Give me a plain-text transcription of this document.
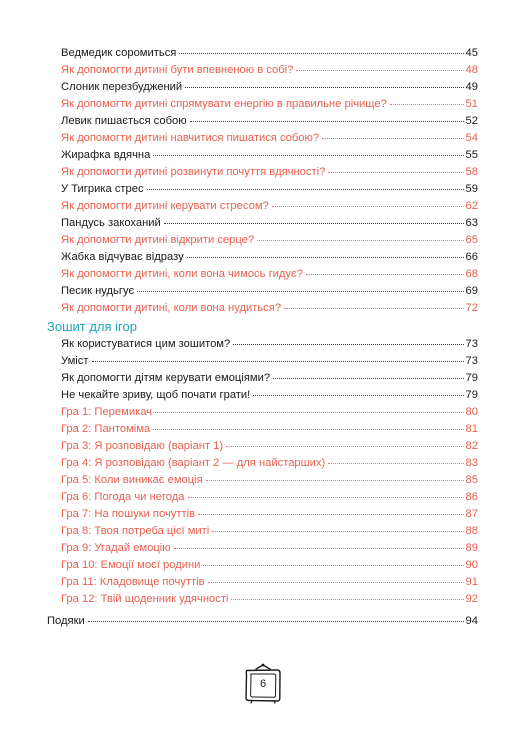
Ведмедик соромиться	45
Як допомогти дитині бути впевненою в собі?	48
Слоник перезбуджений	49
Як допомогти дитині спрямувати енергію в правильне річище?	51
Левик пишається собою	52
Як допомогти дитині навчитися пишатися собою?	54
Жирафка вдячна	55
Як допомогти дитині розвинути почуття вдячності?	58
У Тигрика стрес	59
Як допомогти дитині керувати стресом?	62
Пандусь закоханий	63
Як допомогти дитині відкрити серце?	65
Жабка відчуває відразу	66
Як допомогти дитині, коли вона чимось гидує?	68
Песик нудьгує	69
Як допомогти дитині, коли вона нудиться?	72
Зошит для ігор
Як користуватися цим зошитом?	73
Уміст	73
Як допомогти дітям керувати емоціями?	79
Не чекайте зриву, щоб почати грати!	79
Гра 1: Перемикач	80
Гра 2: Пантоміма	81
Гра 3: Я розповідаю (варіант 1)	82
Гра 4: Я розповідаю (варіант 2 — для найстарших)	83
Гра 5: Коли виникає емоція	85
Гра 6: Погода чи негода	86
Гра 7: На пошуки почуттів	87
Гра 8: Твоя потреба цієї миті	88
Гра 9: Угадай емоцію	89
Гра 10: Емоції моєї родини	90
Гра 11: Кладовище почуттів	91
Гра 12: Твій щоденник удячності	92
Подяки	94
6
